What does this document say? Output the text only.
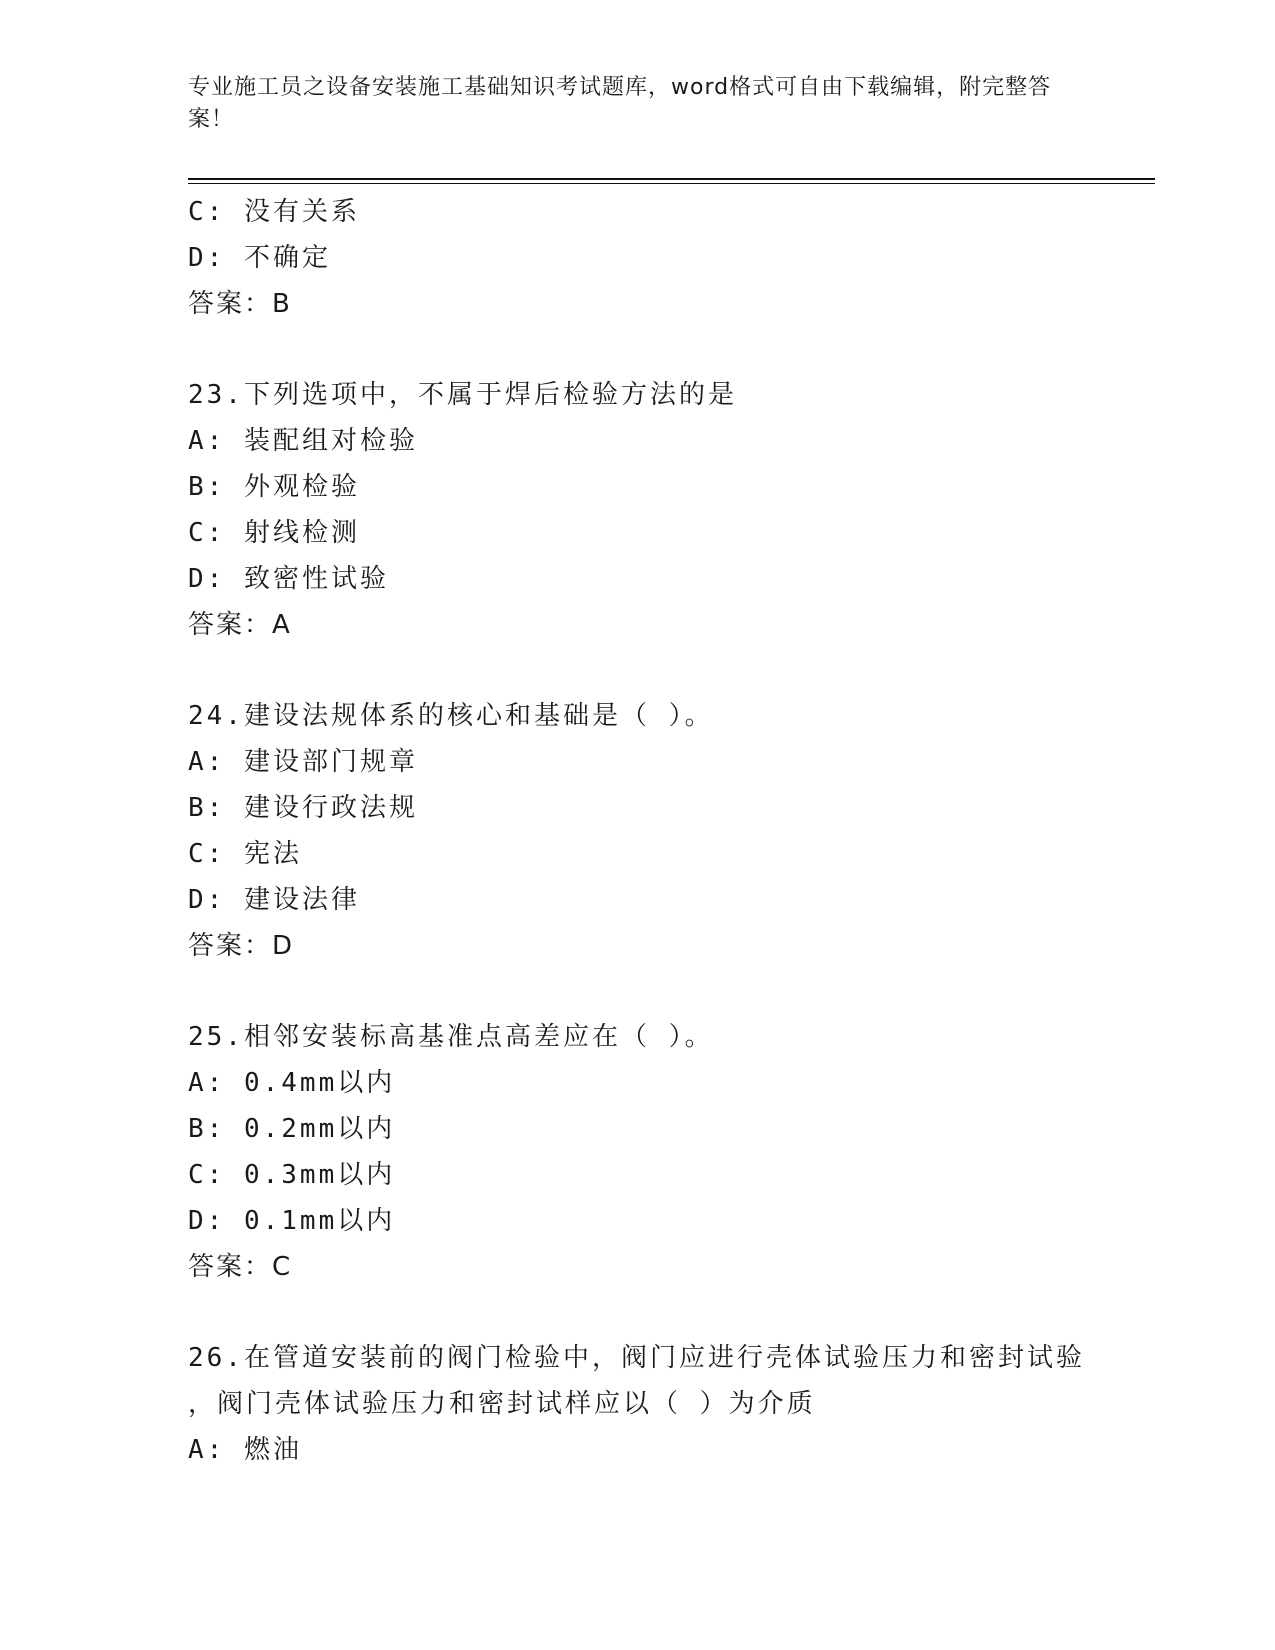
专业施工员之设备安装施工基础知识考试题库，word格式可自由下载编辑，附完整答案！
C: 没有关系
D: 不确定
答案：B
23.下列选项中，不属于焊后检验方法的是
A: 装配组对检验
B: 外观检验
C: 射线检测
D: 致密性试验
答案：A
24.建设法规体系的核心和基础是（ ）。
A: 建设部门规章
B: 建设行政法规
C: 宪法
D: 建设法律
答案：D
25.相邻安装标高基准点高差应在（ ）。
A: 0.4mm以内
B: 0.2mm以内
C: 0.3mm以内
D: 0.1mm以内
答案：C
26.在管道安装前的阀门检验中，阀门应进行壳体试验压力和密封试验
，阀门壳体试验压力和密封试样应以（ ）为介质
A: 燃油
